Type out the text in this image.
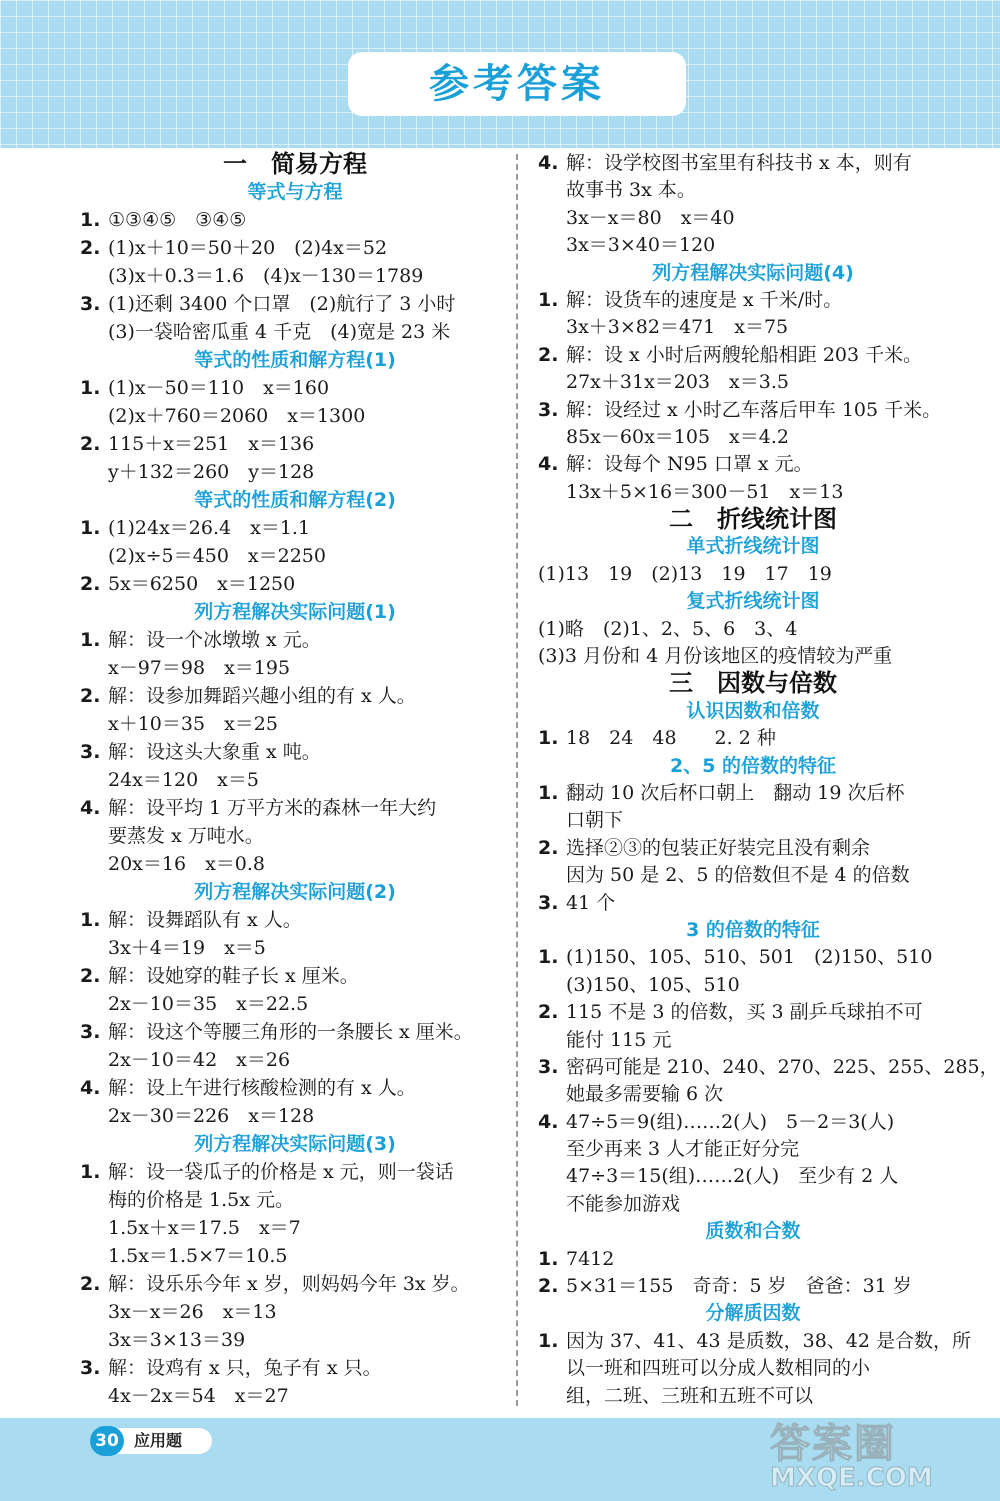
参考答案
一　简易方程
等式与方程
1. ①③④⑤　③④⑤
2. (1)x＋10＝50＋20　(2)4x＝52
(3)x＋0.3＝1.6　(4)x－130＝1789
3. (1)还剩 3400 个口罩　(2)航行了 3 小时
(3)一袋哈密瓜重 4 千克　(4)宽是 23 米
等式的性质和解方程(1)
1. (1)x－50＝110　x＝160
(2)x＋760＝2060　x＝1300
2. 115＋x＝251　x＝136
y＋132＝260　y＝128
等式的性质和解方程(2)
1. (1)24x＝26.4　x＝1.1
(2)x÷5＝450　x＝2250
2. 5x＝6250　x＝1250
列方程解决实际问题(1)
1. 解：设一个冰墩墩 x 元。
x－97＝98　x＝195
2. 解：设参加舞蹈兴趣小组的有 x 人。
x＋10＝35　x＝25
3. 解：设这头大象重 x 吨。
24x＝120　x＝5
4. 解：设平均 1 万平方米的森林一年大约
要蒸发 x 万吨水。
20x＝16　x＝0.8
列方程解决实际问题(2)
1. 解：设舞蹈队有 x 人。
3x＋4＝19　x＝5
2. 解：设她穿的鞋子长 x 厘米。
2x－10＝35　x＝22.5
3. 解：设这个等腰三角形的一条腰长 x 厘米。
2x－10＝42　x＝26
4. 解：设上午进行核酸检测的有 x 人。
2x－30＝226　x＝128
列方程解决实际问题(3)
1. 解：设一袋瓜子的价格是 x 元，则一袋话
梅的价格是 1.5x 元。
1.5x＋x＝17.5　x＝7
1.5x＝1.5×7＝10.5
2. 解：设乐乐今年 x 岁，则妈妈今年 3x 岁。
3x－x＝26　x＝13
3x＝3×13＝39
3. 解：设鸡有 x 只，兔子有 x 只。
4x－2x＝54　x＝27
4. 解：设学校图书室里有科技书 x 本，则有
故事书 3x 本。
3x－x＝80　x＝40
3x＝3×40＝120
列方程解决实际问题(4)
1. 解：设货车的速度是 x 千米/时。
3x＋3×82＝471　x＝75
2. 解：设 x 小时后两艘轮船相距 203 千米。
27x＋31x＝203　x＝3.5
3. 解：设经过 x 小时乙车落后甲车 105 千米。
85x－60x＝105　x＝4.2
4. 解：设每个 N95 口罩 x 元。
13x＋5×16＝300－51　x＝13
二　折线统计图
单式折线统计图
(1)13　19　(2)13　19　17　19
复式折线统计图
(1)略　(2)1、2、5、6　3、4
(3)3 月份和 4 月份该地区的疫情较为严重
三　因数与倍数
认识因数和倍数
1. 18　24　48　　2. 2 种
2、5 的倍数的特征
1. 翻动 10 次后杯口朝上　翻动 19 次后杯
口朝下
2. 选择②③的包装正好装完且没有剩余
因为 50 是 2、5 的倍数但不是 4 的倍数
3. 41 个
3 的倍数的特征
1. (1)150、105、510、501　(2)150、510
(3)150、105、510
2. 115 不是 3 的倍数，买 3 副乒乓球拍不可
能付 115 元
3. 密码可能是 210、240、270、225、255、285，
她最多需要输 6 次
4. 47÷5＝9(组)……2(人)　5－2＝3(人)
至少再来 3 人才能正好分完
47÷3＝15(组)……2(人)　至少有 2 人
不能参加游戏
质数和合数
1. 7412
2. 5×31＝155　奇奇：5 岁　爸爸：31 岁
分解质因数
1. 因为 37、41、43 是质数，38、42 是合数，所
以一班和四班可以分成人数相同的小
组，二班、三班和五班不可以
30 应用题	答案圈
MXQE.COM
